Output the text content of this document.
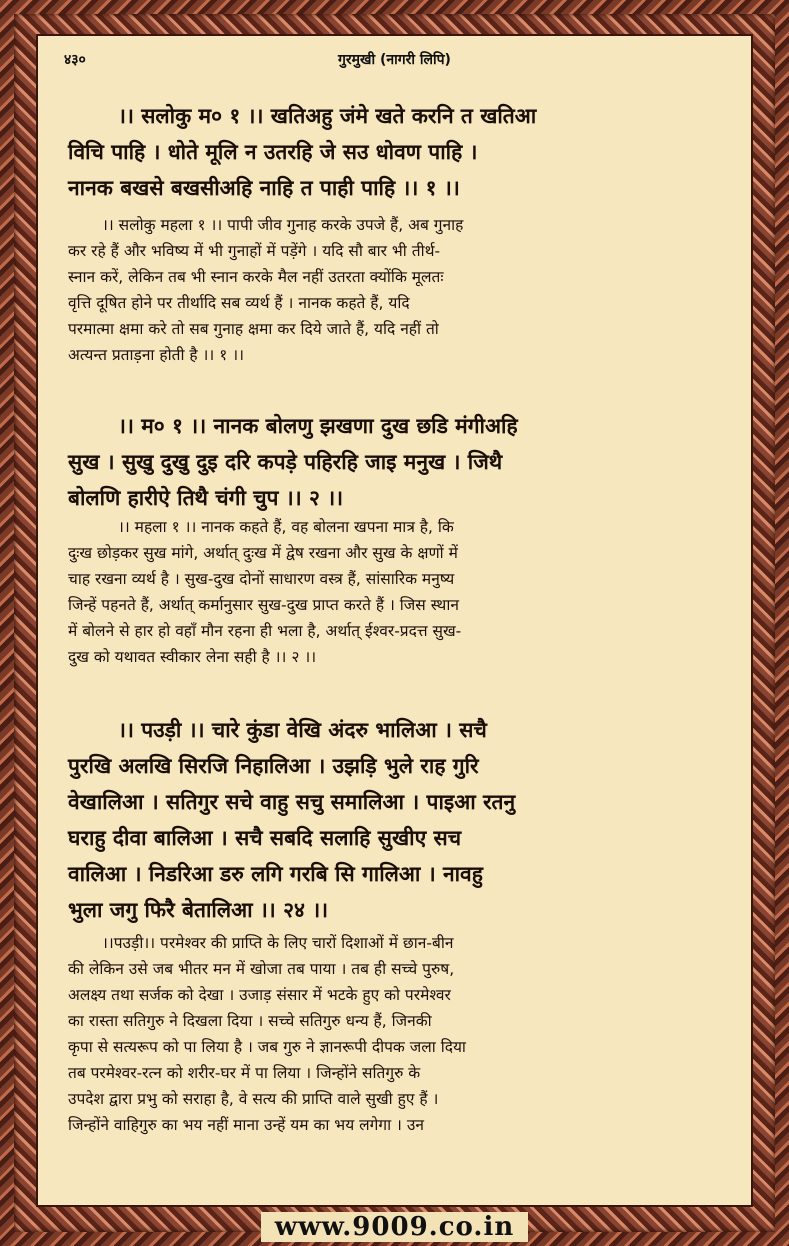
४३०	गुरमुखी (नागरी लिपि)
।। सलोकु म० १ ।। खतिअहु जंमे खते करनि त खतिआ
विचि पाहि । धोते मूलि न उतरहि जे सउ धोवण पाहि ।
नानक बखसे बखसीअहि नाहि त पाही पाहि ।। १ ।।
।। सलोकु महला १ ।। पापी जीव गुनाह करके उपजे हैं, अब गुनाह
कर रहे हैं और भविष्य में भी गुनाहों में पड़ेंगे । यदि सौ बार भी तीर्थ-
स्नान करें, लेकिन तब भी स्नान करके मैल नहीं उतरता क्योंकि मूलतः
वृत्ति दूषित होने पर तीर्थादि सब व्यर्थ हैं । नानक कहते हैं, यदि
परमात्मा क्षमा करे तो सब गुनाह क्षमा कर दिये जाते हैं, यदि नहीं तो
अत्यन्त प्रताड़ना होती है ।। १ ।।
।। म० १ ।। नानक बोलणु झखणा दुख छडि मंगीअहि
सुख । सुखु दुखु दुइ दरि कपड़े पहिरहि जाइ मनुख । जिथै
बोलणि हारीऐ तिथै चंगी चुप ।। २ ।।
।। महला १ ।। नानक कहते हैं, वह बोलना खपना मात्र है, कि
दुःख छोड़कर सुख मांगे, अर्थात् दुःख में द्वेष रखना और सुख के क्षणों में
चाह रखना व्यर्थ है । सुख-दुख दोनों साधारण वस्त्र हैं, सांसारिक मनुष्य
जिन्हें पहनते हैं, अर्थात् कर्मानुसार सुख-दुख प्राप्त करते हैं । जिस स्थान
में बोलने से हार हो वहाँ मौन रहना ही भला है, अर्थात् ईश्वर-प्रदत्त सुख-
दुख को यथावत स्वीकार लेना सही है ।। २ ।।
।। पउड़ी ।। चारे कुंडा वेखि अंदरु भालिआ । सचै
पुरखि अलखि सिरजि निहालिआ । उझड़ि भुले राह गुरि
वेखालिआ । सतिगुर सचे वाहु सचु समालिआ । पाइआ रतनु
घराहु दीवा बालिआ । सचै सबदि सलाहि सुखीए सच
वालिआ । निडरिआ डरु लगि गरबि सि गालिआ । नावहु
भुला जगु फिरै बेतालिआ ।। २४ ।।
।।पउड़ी।। परमेश्वर की प्राप्ति के लिए चारों दिशाओं में छान-बीन
की लेकिन उसे जब भीतर मन में खोजा तब पाया । तब ही सच्चे पुरुष,
अलक्ष्य तथा सर्जक को देखा । उजाड़ संसार में भटके हुए को परमेश्वर
का रास्ता सतिगुरु ने दिखला दिया । सच्चे सतिगुरु धन्य हैं, जिनकी
कृपा से सत्यरूप को पा लिया है । जब गुरु ने ज्ञानरूपी दीपक जला दिया
तब परमेश्वर-रत्न को शरीर-घर में पा लिया । जिन्होंने सतिगुरु के
उपदेश द्वारा प्रभु को सराहा है, वे सत्य की प्राप्ति वाले सुखी हुए हैं ।
जिन्होंने वाहिगुरु का भय नहीं माना उन्हें यम का भय लगेगा । उन
www.9009.co.in
